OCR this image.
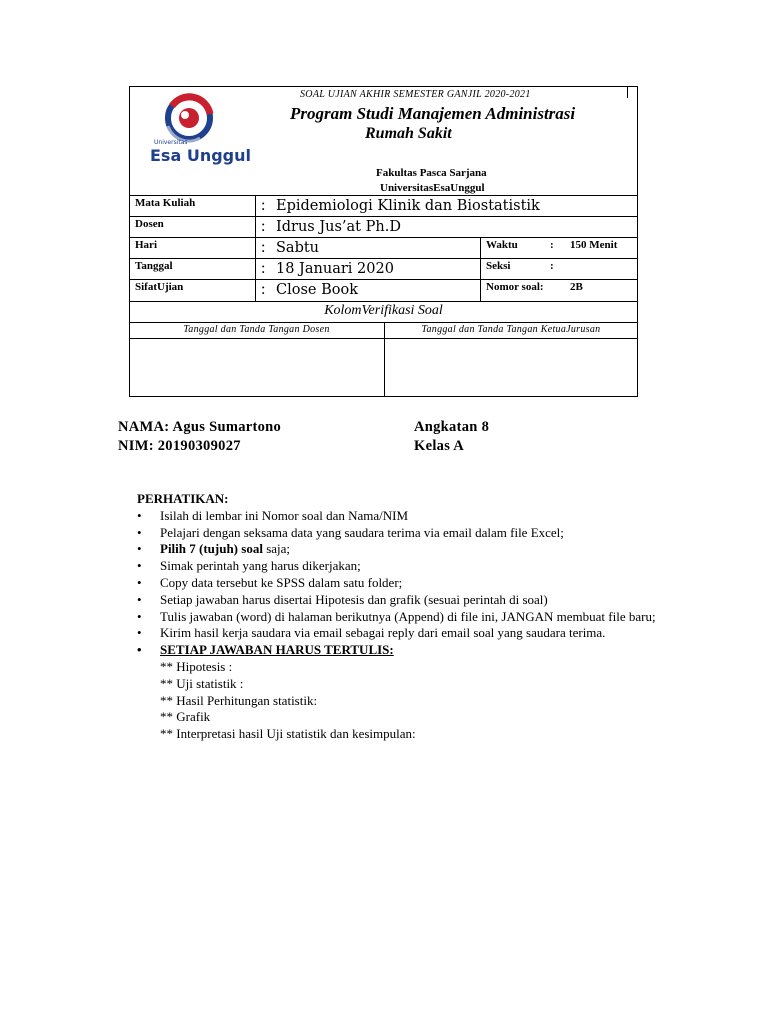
Universitas
Esa Unggul
SOAL UJIAN AKHIR SEMESTER GANJIL 2020-2021
Program Studi Manajemen Administrasi
Rumah Sakit
Fakultas Pasca Sarjana
UniversitasEsaUnggul
Mata Kuliah	: Epidemiologi Klinik dan Biostatistik
Dosen	: Idrus Jus’at Ph.D
Hari	: Sabtu	Waktu	: 150 Menit
Tanggal	: 18 Januari 2020	Seksi	:
SifatUjian	: Close Book	Nomor soal: 2B
KolomVerifikasi Soal
Tanggal dan Tanda Tangan Dosen	Tanggal dan Tanda Tangan KetuaJurusan
NAMA: Agus Sumartono
NIM: 20190309027
Angkatan 8
Kelas A
PERHATIKAN:
• Isilah di lembar ini Nomor soal dan Nama/NIM
• Pelajari dengan seksama data yang saudara terima via email dalam file Excel;
• Pilih 7 (tujuh) soal saja;
• Simak perintah yang harus dikerjakan;
• Copy data tersebut ke SPSS dalam satu folder;
• Setiap jawaban harus disertai Hipotesis dan grafik (sesuai perintah di soal)
• Tulis jawaban (word) di halaman berikutnya (Append) di file ini, JANGAN membuat file baru;
• Kirim hasil kerja saudara via email sebagai reply dari email soal yang saudara terima.
• SETIAP JAWABAN HARUS TERTULIS:
** Hipotesis :
** Uji statistik :
** Hasil Perhitungan statistik:
** Grafik
** Interpretasi hasil Uji statistik dan kesimpulan:
